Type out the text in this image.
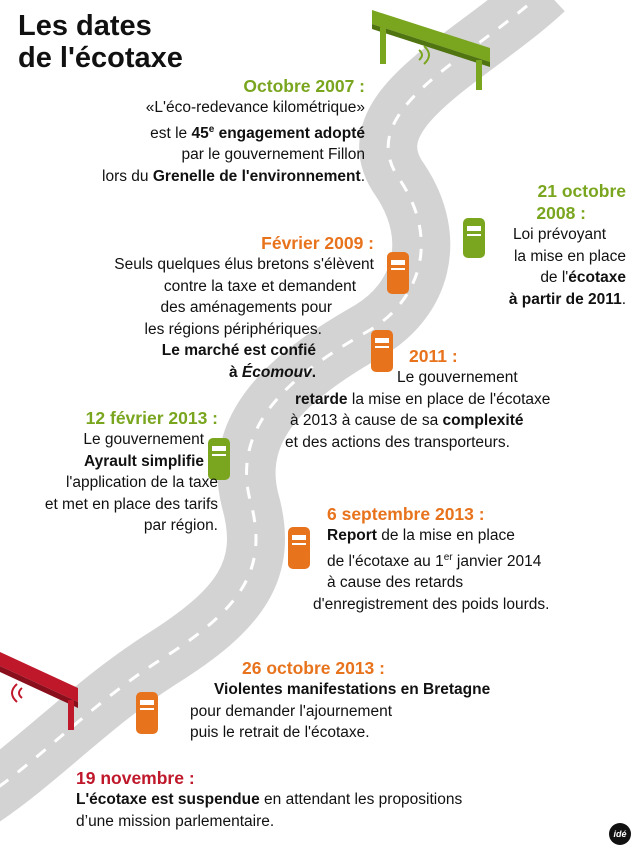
Les dates
de l'écotaxe
Octobre 2007 :
«L'éco-redevance kilométrique»
est le 45e engagement adopté
par le gouvernement Fillon
lors du Grenelle de l'environnement.
21 octobre
2008 :
Loi prévoyant
la mise en place
de l'écotaxe
à partir de 2011.
Février 2009 :
Seuls quelques élus bretons s'élèvent
contre la taxe et demandent
des aménagements pour
les régions périphériques.
Le marché est confié
à Écomouv.
2011 :
Le gouvernement
retarde la mise en place de l'écotaxe
à 2013 à cause de sa complexité
et des actions des transporteurs.
12 février 2013 :
Le gouvernement
Ayrault simplifie
l'application de la taxe
et met en place des tarifs
par région.
6 septembre 2013 :
Report de la mise en place
de l'écotaxe au 1er janvier 2014
à cause des retards
d'enregistrement des poids lourds.
26 octobre 2013 :
Violentes manifestations en Bretagne
pour demander l'ajournement
puis le retrait de l'écotaxe.
19 novembre :
L'écotaxe est suspendue en attendant les propositions
d’une mission parlementaire.
idé
